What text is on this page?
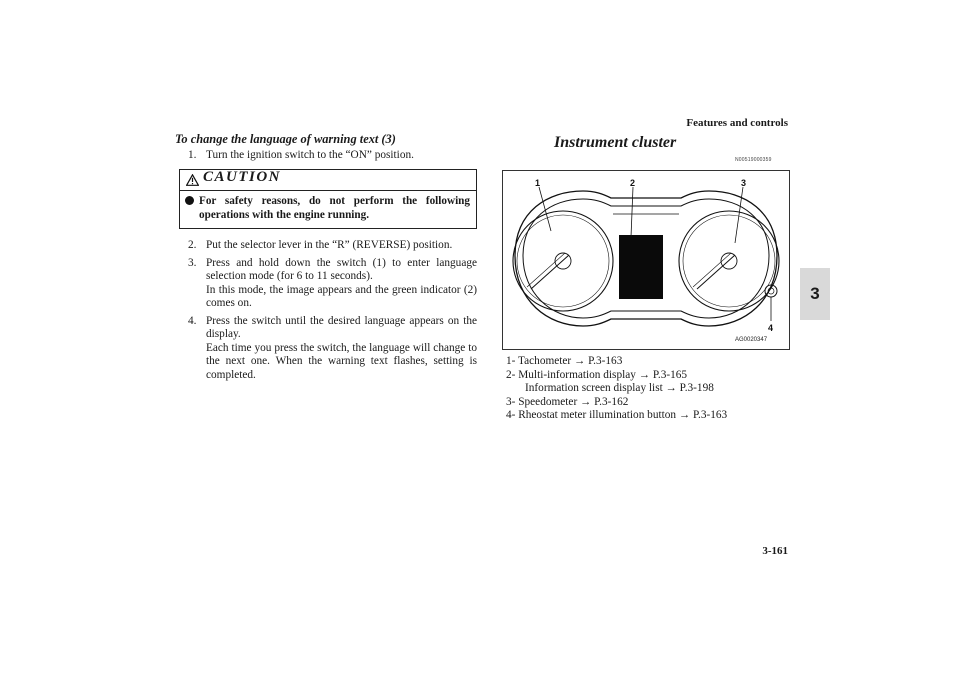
Features and controls
3
To change the language of warning text (3)
1. Turn the ignition switch to the “ON” position.
CAUTION
For safety reasons, do not perform the following operations with the engine running.
2. Put the selector lever in the “R” (REVERSE) position.
3. Press and hold down the switch (1) to enter language selection mode (for 6 to 11 seconds).
In this mode, the image appears and the green indicator (2) comes on.
4. Press the switch until the desired language appears on the display.
Each time you press the switch, the language will change to the next one. When the warning text flashes, setting is completed.
Instrument cluster
N00519000359
1	2	3
4
AG0020347
1- Tachometer → P.3-163
2- Multi-information display → P.3-165
Information screen display list → P.3-198
3- Speedometer → P.3-162
4- Rheostat meter illumination button → P.3-163
3-161
